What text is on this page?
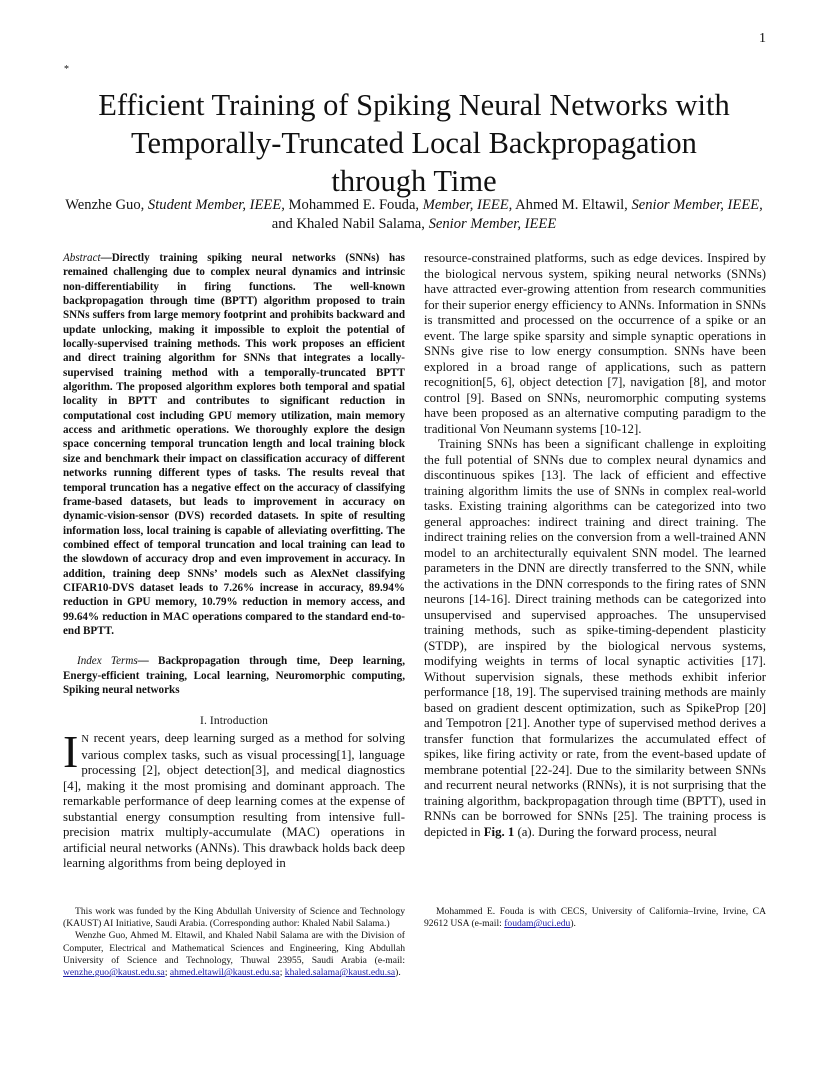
1
*
Efficient Training of Spiking Neural Networks with
Temporally-Truncated Local Backpropagation
through Time

Wenzhe Guo, Student Member, IEEE, Mohammed E. Fouda, Member, IEEE, Ahmed M. Eltawil, Senior Member, IEEE, and Khaled Nabil Salama, Senior Member, IEEE

Abstract—Directly training spiking neural networks (SNNs) has remained challenging due to complex neural dynamics and intrinsic non-differentiability in firing functions. The well-known backpropagation through time (BPTT) algorithm proposed to train SNNs suffers from large memory footprint and prohibits backward and update unlocking, making it impossible to exploit the potential of locally-supervised training methods. This work proposes an efficient and direct training algorithm for SNNs that integrates a locally-supervised training method with a temporally-truncated BPTT algorithm. The proposed algorithm explores both temporal and spatial locality in BPTT and contributes to significant reduction in computational cost including GPU memory utilization, main memory access and arithmetic operations. We thoroughly explore the design space concerning temporal truncation length and local training block size and benchmark their impact on classification accuracy of different networks running different types of tasks. The results reveal that temporal truncation has a negative effect on the accuracy of classifying frame-based datasets, but leads to improvement in accuracy on dynamic-vision-sensor (DVS) recorded datasets. In spite of resulting information loss, local training is capable of alleviating overfitting. The combined effect of temporal truncation and local training can lead to the slowdown of accuracy drop and even improvement in accuracy. In addition, training deep SNNs’ models such as AlexNet classifying CIFAR10-DVS dataset leads to 7.26% increase in accuracy, 89.94% reduction in GPU memory, 10.79% reduction in memory access, and 99.64% reduction in MAC operations compared to the standard end-to-end BPTT.

Index Terms— Backpropagation through time, Deep learning, Energy-efficient training, Local learning, Neuromorphic computing, Spiking neural networks

I. Introduction

I N recent years, deep learning surged as a method for solving various complex tasks, such as visual processing[1], language processing [2], object detection[3], and medical diagnostics [4], making it the most promising and dominant approach. The remarkable performance of deep learning comes at the expense of substantial energy consumption resulting from intensive full-precision matrix multiply-accumulate (MAC) operations in artificial neural networks (ANNs). This drawback holds back deep learning algorithms from being deployed in

resource-constrained platforms, such as edge devices. Inspired by the biological nervous system, spiking neural networks (SNNs) have attracted ever-growing attention from research communities for their superior energy efficiency to ANNs. Information in SNNs is transmitted and processed on the occurrence of a spike or an event. The large spike sparsity and simple synaptic operations in SNNs give rise to low energy consumption. SNNs have been explored in a broad range of applications, such as pattern recognition[5, 6], object detection [7], navigation [8], and motor control [9]. Based on SNNs, neuromorphic computing systems have been proposed as an alternative computing paradigm to the traditional Von Neumann systems [10-12].

Training SNNs has been a significant challenge in exploiting the full potential of SNNs due to complex neural dynamics and discontinuous spikes [13]. The lack of efficient and effective training algorithm limits the use of SNNs in complex real-world tasks. Existing training algorithms can be categorized into two general approaches: indirect training and direct training. The indirect training relies on the conversion from a well-trained ANN model to an architecturally equivalent SNN model. The learned parameters in the DNN are directly transferred to the SNN, while the activations in the DNN corresponds to the firing rates of SNN neurons [14-16]. Direct training methods can be categorized into unsupervised and supervised approaches. The unsupervised training methods, such as spike-timing-dependent plasticity (STDP), are inspired by the biological nervous systems, modifying weights in terms of local synaptic activities [17]. Without supervision signals, these methods exhibit inferior performance [18, 19]. The supervised training methods are mainly based on gradient descent optimization, such as SpikeProp [20] and Tempotron [21]. Another type of supervised method derives a transfer function that formularizes the accumulated effect of spikes, like firing activity or rate, from the event-based update of membrane potential [22-24]. Due to the similarity between SNNs and recurrent neural networks (RNNs), it is not surprising that the training algorithm, backpropagation through time (BPTT), used in RNNs can be borrowed for SNNs [25]. The training process is depicted in Fig. 1 (a). During the forward process, neural

This work was funded by the King Abdullah University of Science and Technology (KAUST) AI Initiative, Saudi Arabia. (Corresponding author: Khaled Nabil Salama.)

Wenzhe Guo, Ahmed M. Eltawil, and Khaled Nabil Salama are with the Division of Computer, Electrical and Mathematical Sciences and Engineering, King Abdullah University of Science and Technology, Thuwal 23955, Saudi Arabia (e-mail: wenzhe.guo@kaust.edu.sa; ahmed.eltawil@kaust.edu.sa; khaled.salama@kaust.edu.sa).

Mohammed E. Fouda is with CECS, University of California–Irvine, Irvine, CA 92612 USA (e-mail: foudam@uci.edu).
